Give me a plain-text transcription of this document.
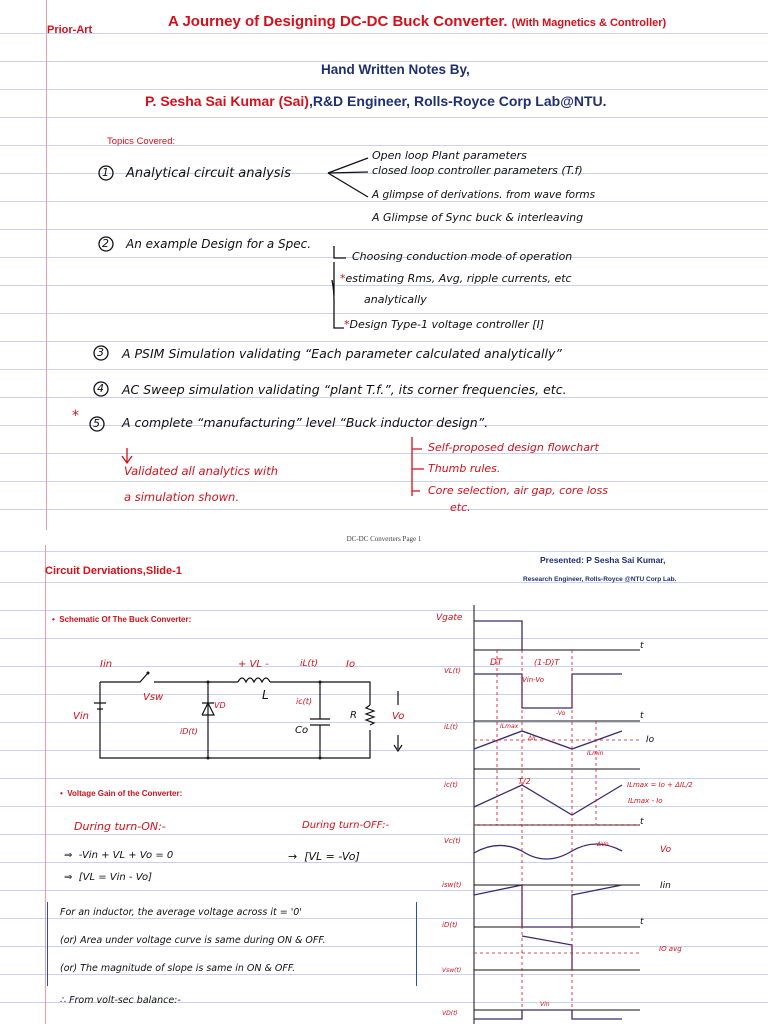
Prior-Art	A Journey of Designing DC-DC Buck Converter. (With Magnetics & Controller)
Hand Written Notes By,
P. Sesha Sai Kumar (Sai),R&D Engineer, Rolls-Royce Corp Lab@NTU.
Topics Covered:
1 Analytical circuit analysis
Open loop Plant parameters
closed loop controller parameters (T.f)
A glimpse of derivations. from wave forms
A Glimpse of Sync buck & interleaving
2 An example Design for a Spec.
Choosing conduction mode of operation
*estimating Rms, Avg, ripple currents, etc
analytically
*Design Type-1 voltage controller [I]
3 A PSIM Simulation validating “Each parameter calculated analytically”
4 AC Sweep simulation validating “plant T.f.”, its corner frequencies, etc.
* 5 A complete “manufacturing” level “Buck inductor design”.
Validated all analytics with
a simulation shown.
Self-proposed design flowchart
Thumb rules.
Core selection, air gap, core loss
etc.
DC-DC Converters Page 1
Circuit Derviations,Slide-1
Presented: P Sesha Sai Kumar,
Research Engineer, Rolls-Royce @NTU Corp Lab.
•  Schematic Of The Buck Converter:
•  Voltage Gain of the Converter:
Iin
Vsw
Vin
+ VL -	iL(t)
L
Io
ic(t)
Co
R	Vo
VD
iD(t)
During turn-ON:-	During turn-OFF:-
⇒  -Vin + VL + Vo = 0
⇒  [VL = Vin - Vo]
→  [VL = -Vo]
For an inductor, the average voltage across it = '0'
(or) Area under voltage curve is same during ON & OFF.
(or) The magnitude of slope is same in ON & OFF.
∴ From volt-sec balance:-
Vgate
VL(t)
DT	(1-D)T
Vin-Vo
-Vo
iL(t)	ILmax
ΔIL
ILmin
Io
ic(t)	T/2	ILmax = Io + ΔIL/2
ILmax - Io
Vc(t)
Vo
ΔVo
isw(t)	Iin
iD(t)
IO avg
Vsw(t)
VD(t)
Vin
t
t
t
t
